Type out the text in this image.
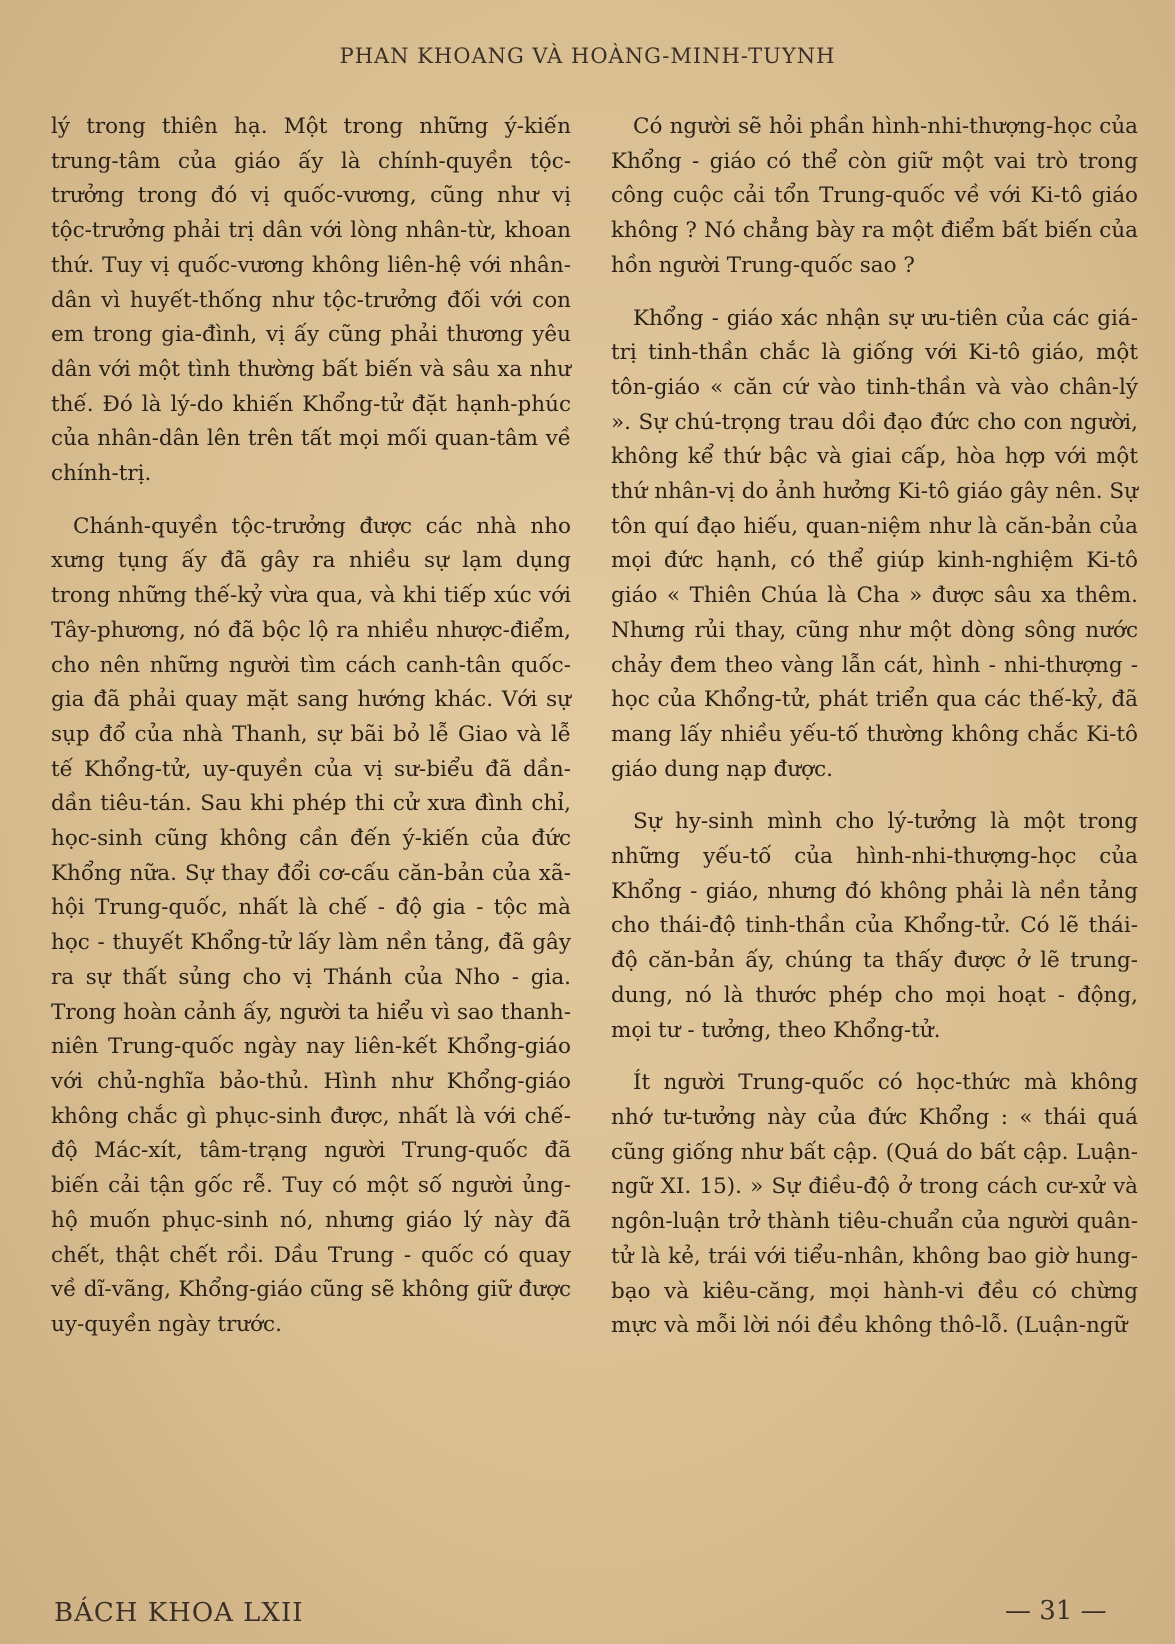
PHAN KHOANG VÀ HOÀNG-MINH-TUYNH

lý trong thiên hạ. Một trong những ý-kiến trung-tâm của giáo ấy là chính-quyền tộc-trưởng trong đó vị quốc-vương, cũng như vị tộc-trưởng phải trị dân với lòng nhân-từ, khoan thứ. Tuy vị quốc-vương không liên-hệ với nhân-dân vì huyết-thống như tộc-trưởng đối với con em trong gia-đình, vị ấy cũng phải thương yêu dân với một tình thường bất biến và sâu xa như thế. Đó là lý-do khiến Khổng-tử đặt hạnh-phúc của nhân-dân lên trên tất mọi mối quan-tâm về chính-trị.

Chánh-quyền tộc-trưởng được các nhà nho xưng tụng ấy đã gây ra nhiều sự lạm dụng trong những thế-kỷ vừa qua, và khi tiếp xúc với Tây-phương, nó đã bộc lộ ra nhiều nhược-điểm, cho nên những người tìm cách canh-tân quốc-gia đã phải quay mặt sang hướng khác. Với sự sụp đổ của nhà Thanh, sự bãi bỏ lễ Giao và lễ tế Khổng-tử, uy-quyền của vị sư-biểu đã dần-dần tiêu-tán. Sau khi phép thi cử xưa đình chỉ, học-sinh cũng không cần đến ý-kiến của đức Khổng nữa. Sự thay đổi cơ-cấu căn-bản của xã-hội Trung-quốc, nhất là chế - độ gia - tộc mà học - thuyết Khổng-tử lấy làm nền tảng, đã gây ra sự thất sủng cho vị Thánh của Nho - gia. Trong hoàn cảnh ấy, người ta hiểu vì sao thanh-niên Trung-quốc ngày nay liên-kết Khổng-giáo với chủ-nghĩa bảo-thủ. Hình như Khổng-giáo không chắc gì phục-sinh được, nhất là với chế-độ Mác-xít, tâm-trạng người Trung-quốc đã biến cải tận gốc rễ. Tuy có một số người ủng-hộ muốn phục-sinh nó, nhưng giáo lý này đã chết, thật chết rồi. Dầu Trung - quốc có quay về dĩ-vãng, Khổng-giáo cũng sẽ không giữ được uy-quyền ngày trước.

Có người sẽ hỏi phần hình-nhi-thượng-học của Khổng - giáo có thể còn giữ một vai trò trong công cuộc cải tổn Trung-quốc về với Ki-tô giáo không ? Nó chẳng bày ra một điểm bất biến của hồn người Trung-quốc sao ?

Khổng - giáo xác nhận sự ưu-tiên của các giá-trị tinh-thần chắc là giống với Ki-tô giáo, một tôn-giáo « căn cứ vào tinh-thần và vào chân-lý ». Sự chú-trọng trau dồi đạo đức cho con người, không kể thứ bậc và giai cấp, hòa hợp với một thứ nhân-vị do ảnh hưởng Ki-tô giáo gây nên. Sự tôn quí đạo hiếu, quan-niệm như là căn-bản của mọi đức hạnh, có thể giúp kinh-nghiệm Ki-tô giáo « Thiên Chúa là Cha » được sâu xa thêm. Nhưng rủi thay, cũng như một dòng sông nước chảy đem theo vàng lẫn cát, hình - nhi-thượng - học của Khổng-tử, phát triển qua các thế-kỷ, đã mang lấy nhiều yếu-tố thường không chắc Ki-tô giáo dung nạp được.

Sự hy-sinh mình cho lý-tưởng là một trong những yếu-tố của hình-nhi-thượng-học của Khổng - giáo, nhưng đó không phải là nền tảng cho thái-độ tinh-thần của Khổng-tử. Có lẽ thái-độ căn-bản ấy, chúng ta thấy được ở lẽ trung-dung, nó là thước phép cho mọi hoạt - động, mọi tư - tưởng, theo Khổng-tử.

Ít người Trung-quốc có học-thức mà không nhớ tư-tưởng này của đức Khổng : « thái quá cũng giống như bất cập. (Quá do bất cập. Luận-ngữ XI. 15). » Sự điều-độ ở trong cách cư-xử và ngôn-luận trở thành tiêu-chuẩn của người quân-tử là kẻ, trái với tiểu-nhân, không bao giờ hung-bạo và kiêu-căng, mọi hành-vi đều có chừng mực và mỗi lời nói đều không thô-lỗ. (Luận-ngữ

BÁCH KHOA LXII	— 31 —
